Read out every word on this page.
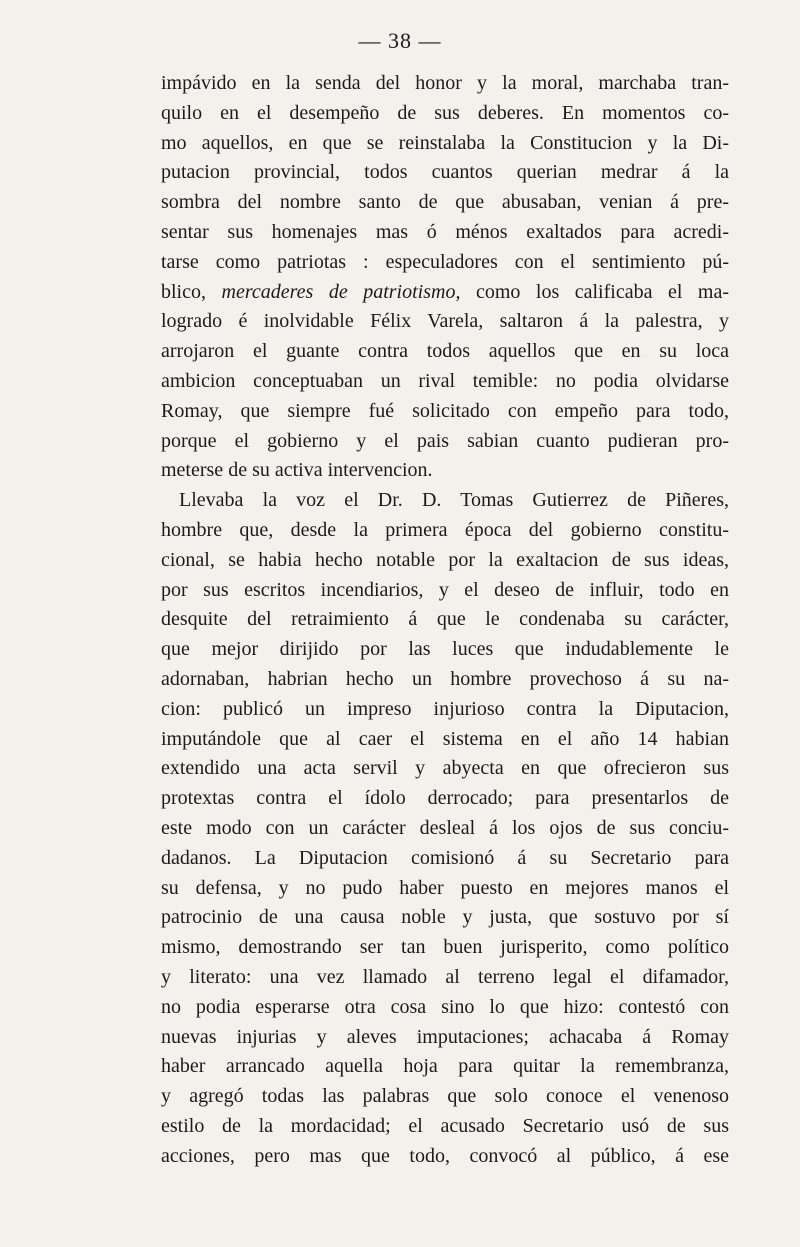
— 38 —
impávido en la senda del honor y la moral, marchaba tran-
quilo en el desempeño de sus deberes. En momentos co-
mo aquellos, en que se reinstalaba la Constitucion y la Di-
putacion provincial, todos cuantos querian medrar á la
sombra del nombre santo de que abusaban, venian á pre-
sentar sus homenajes mas ó ménos exaltados para acredi-
tarse como patriotas : especuladores con el sentimiento pú-
blico, mercaderes de patriotismo, como los calificaba el ma-
logrado é inolvidable Félix Varela, saltaron á la palestra, y
arrojaron el guante contra todos aquellos que en su loca
ambicion conceptuaban un rival temible: no podia olvidarse
Romay, que siempre fué solicitado con empeño para todo,
porque el gobierno y el pais sabian cuanto pudieran pro-
meterse de su activa intervencion.
Llevaba la voz el Dr. D. Tomas Gutierrez de Piñeres,
hombre que, desde la primera época del gobierno constitu-
cional, se habia hecho notable por la exaltacion de sus ideas,
por sus escritos incendiarios, y el deseo de influir, todo en
desquite del retraimiento á que le condenaba su carácter,
que mejor dirijido por las luces que indudablemente le
adornaban, habrian hecho un hombre provechoso á su na-
cion: publicó un impreso injurioso contra la Diputacion,
imputándole que al caer el sistema en el año 14 habian
extendido una acta servil y abyecta en que ofrecieron sus
protextas contra el ídolo derrocado; para presentarlos de
este modo con un carácter desleal á los ojos de sus conciu-
dadanos. La Diputacion comisionó á su Secretario para
su defensa, y no pudo haber puesto en mejores manos el
patrocinio de una causa noble y justa, que sostuvo por sí
mismo, demostrando ser tan buen jurisperito, como político
y literato: una vez llamado al terreno legal el difamador,
no podia esperarse otra cosa sino lo que hizo: contestó con
nuevas injurias y aleves imputaciones; achacaba á Romay
haber arrancado aquella hoja para quitar la remembranza,
y agregó todas las palabras que solo conoce el venenoso
estilo de la mordacidad; el acusado Secretario usó de sus
acciones, pero mas que todo, convocó al público, á ese
